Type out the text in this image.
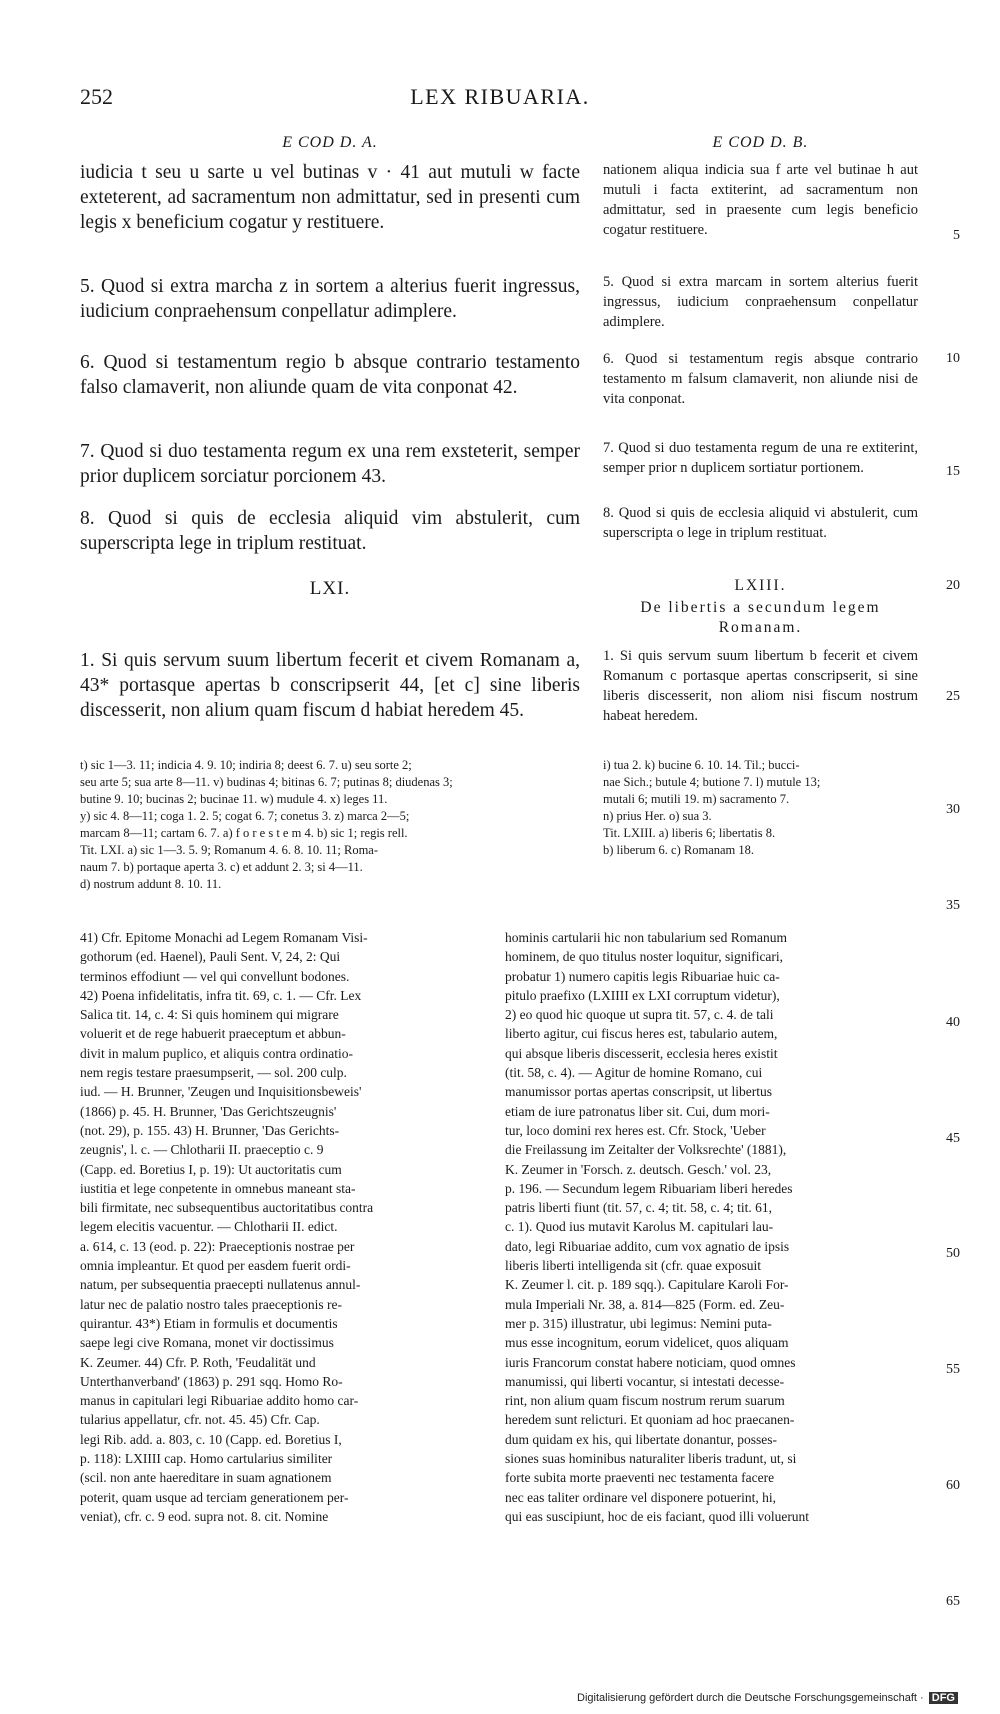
252	LEX RIBUARIA.
E COD D. A.	E COD D. B.

iudicia t seu u sarte u vel butinas v · 41 aut mutuli w facte exteterent, ad sacramentum non admittatur, sed in presenti cum legis x beneficium cogatur y restituere.

5. Quod si extra marcha z in sortem a alterius fuerit ingressus, iudicium conpraehensum conpellatur adimplere.

6. Quod si testamentum regio b absque contrario testamento falso clamaverit, non aliunde quam de vita conponat 42.

7. Quod si duo testamenta regum ex una rem exsteterit, semper prior duplicem sorciatur porcionem 43.

8. Quod si quis de ecclesia aliquid vim abstulerit, cum superscripta lege in triplum restituat.

LXI.

1. Si quis servum suum libertum fecerit et civem Romanam a, 43* portasque apertas b conscripserit 44, [et c] sine liberis discesserit, non alium quam fiscum d habiat heredem 45.

t) sic 1—3. 11; indicia 4. 9. 10; indiria 8; deest 6. 7. u) seu sorte 2;
seu arte 5; sua arte 8—11. v) budinas 4; bitinas 6. 7; putinas 8; diudenas 3;
butine 9. 10; bucinas 2; bucinae 11. w) mudule 4. x) leges 11.
y) sic 4. 8—11; coga 1. 2. 5; cogat 6. 7; conetus 3. z) marca 2—5;
marcam 8—11; cartam 6. 7. a) f o r e s t e m 4. b) sic 1; regis rell.
Tit. LXI. a) sic 1—3. 5. 9; Romanum 4. 6. 8. 10. 11; Roma-
naum 7. b) portaque aperta 3. c) et addunt 2. 3; si 4—11.
d) nostrum addunt 8. 10. 11.

nationem aliqua indicia sua f arte vel butinae h aut mutuli i facta extiterint, ad sacramentum non admittatur, sed in praesente cum legis beneficio cogatur restituere.

5. Quod si extra marcam in sortem alterius fuerit ingressus, iudicium conpraehensum conpellatur adimplere.

6. Quod si testamentum regis absque contrario testamento m falsum clamaverit, non aliunde nisi de vita conponat.

7. Quod si duo testamenta regum de una re extiterint, semper prior n duplicem sortiatur portionem.

8. Quod si quis de ecclesia aliquid vi abstulerit, cum superscripta o lege in triplum restituat.

LXIII.
De libertis a secundum legem Romanam.

1. Si quis servum suum libertum b fecerit et civem Romanum c portasque apertas conscripserit, si sine liberis discesserit, non aliom nisi fiscum nostrum habeat heredem.

i) tua 2. k) bucine 6. 10. 14. Til.; bucci-
nae Sich.; butule 4; butione 7. l) mutule 13;
mutali 6; mutili 19. m) sacramento 7.
n) prius Her. o) sua 3.
Tit. LXIII. a) liberis 6; libertatis 8.
b) liberum 6. c) Romanam 18.
5
10
15
20
25
30
35
40
45
50
55
60
65
41) Cfr. Epitome Monachi ad Legem Romanam Visi-
gothorum (ed. Haenel), Pauli Sent. V, 24, 2: Qui
terminos effodiunt — vel qui convellunt bodones.
42) Poena infidelitatis, infra tit. 69, c. 1. — Cfr. Lex
Salica tit. 14, c. 4: Si quis hominem qui migrare
voluerit et de rege habuerit praeceptum et abbun-
divit in malum puplico, et aliquis contra ordinatio-
nem regis testare praesumpserit, — sol. 200 culp.
iud. — H. Brunner, 'Zeugen und Inquisitionsbeweis'
(1866) p. 45. H. Brunner, 'Das Gerichtszeugnis'
(not. 29), p. 155. 43) H. Brunner, 'Das Gerichts-
zeugnis', l. c. — Chlotharii II. praeceptio c. 9
(Capp. ed. Boretius I, p. 19): Ut auctoritatis cum
iustitia et lege conpetente in omnebus maneant sta-
bili firmitate, nec subsequentibus auctoritatibus contra
legem elecitis vacuentur. — Chlotharii II. edict.
a. 614, c. 13 (eod. p. 22): Praeceptionis nostrae per
omnia impleantur. Et quod per easdem fuerit ordi-
natum, per subsequentia praecepti nullatenus annul-
latur nec de palatio nostro tales praeceptionis re-
quirantur. 43*) Etiam in formulis et documentis
saepe legi cive Romana, monet vir doctissimus
K. Zeumer. 44) Cfr. P. Roth, 'Feudalität und
Unterthanverband' (1863) p. 291 sqq. Homo Ro-
manus in capitulari legi Ribuariae addito homo car-
tularius appellatur, cfr. not. 45. 45) Cfr. Cap.
legi Rib. add. a. 803, c. 10 (Capp. ed. Boretius I,
p. 118): LXIIII cap. Homo cartularius similiter
(scil. non ante haereditare in suam agnationem
poterit, quam usque ad terciam generationem per-
veniat), cfr. c. 9 eod. supra not. 8. cit. Nomine
hominis cartularii hic non tabularium sed Romanum
hominem, de quo titulus noster loquitur, significari,
probatur 1) numero capitis legis Ribuariae huic ca-
pitulo praefixo (LXIIII ex LXI corruptum videtur),
2) eo quod hic quoque ut supra tit. 57, c. 4. de tali
liberto agitur, cui fiscus heres est, tabulario autem,
qui absque liberis discesserit, ecclesia heres existit
(tit. 58, c. 4). — Agitur de homine Romano, cui
manumissor portas apertas conscripsit, ut libertus
etiam de iure patronatus liber sit. Cui, dum mori-
tur, loco domini rex heres est. Cfr. Stock, 'Ueber
die Freilassung im Zeitalter der Volksrechte' (1881),
K. Zeumer in 'Forsch. z. deutsch. Gesch.' vol. 23,
p. 196. — Secundum legem Ribuariam liberi heredes
patris liberti fiunt (tit. 57, c. 4; tit. 58, c. 4; tit. 61,
c. 1). Quod ius mutavit Karolus M. capitulari lau-
dato, legi Ribuariae addito, cum vox agnatio de ipsis
liberis liberti intelligenda sit (cfr. quae exposuit
K. Zeumer l. cit. p. 189 sqq.). Capitulare Karoli For-
mula Imperiali Nr. 38, a. 814—825 (Form. ed. Zeu-
mer p. 315) illustratur, ubi legimus: Nemini puta-
mus esse incognitum, eorum videlicet, quos aliquam
iuris Francorum constat habere noticiam, quod omnes
manumissi, qui liberti vocantur, si intestati decesse-
rint, non alium quam fiscum nostrum rerum suarum
heredem sunt relicturi. Et quoniam ad hoc praecanen-
dum quidam ex his, qui libertate donantur, posses-
siones suas hominibus naturaliter liberis tradunt, ut, si
forte subita morte praeventi nec testamenta facere
nec eas taliter ordinare vel disponere potuerint, hi,
qui eas suscipiunt, hoc de eis faciant, quod illi voluerunt
Digitalisierung gefördert durch die Deutsche Forschungsgemeinschaft · DFG
